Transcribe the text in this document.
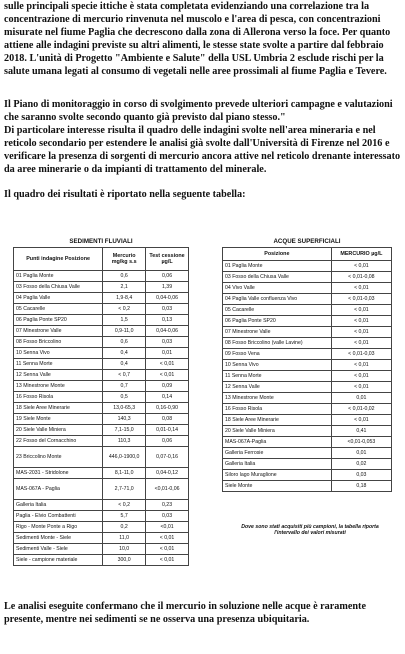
sulle principali specie ittiche è stata completata evidenziando una correlazione tra la concentrazione di mercurio rinvenuta nel muscolo e l'area di pesca, con concentrazioni misurate nel fiume Paglia che decrescono dalla zona di Allerona verso la foce. Per quanto attiene alle indagini previste su altri alimenti, le stesse state svolte a partire dal febbraio 2018. L'unità di Progetto "Ambiente e Salute" della USL Umbria 2 esclude rischi per la salute umana legati al consumo di vegetali nelle aree prossimali al fiume Paglia e Tevere.

Il Piano di monitoraggio in corso di svolgimento prevede ulteriori campagne e valutazioni che saranno svolte secondo quanto già previsto dal piano stesso."

Di particolare interesse risulta il quadro delle indagini svolte nell'area mineraria e nel reticolo secondario per estendere le analisi già svolte dall'Università di Firenze nel 2016 e verificare la presenza di sorgenti di mercurio ancora attive nel reticolo drenante interessato da aree minerarie o da impianti di trattamento del minerale.

Il quadro dei risultati è riportato nella seguente tabella:

SEDIMENTI FLUVIALI		
Punti indagine Posizione	Mercurio mg/kg s.s	Test cessione µg/L
01 Paglia Monte	0,6	0,06
03 Fosso della Chiusa Valle	2,1	1,39
04 Paglia Valle	1,9-8,4	0,04-0,06
05 Cacarelle	< 0,2	0,03
06 Paglia Ponte SP20	1,5	0,13
07 Minestrone Valle	0,9-11,0	0,04-0,06
08 Fosso Briccolino	0,6	0,03
10 Senna Vivo	0,4	0,01
11 Senna Morte	0,4	< 0,01
12 Senna Valle	< 0,7	< 0,01
13 Minestrone Monte	0,7	0,09
16 Fosso Risola	0,5	0,14
18 Siele Aree Minerarie	13,0-65,3	0,16-0,90
19 Siele Monte	140,3	0,08
20 Siele Valle Miniera	7,1-15,0	0,01-0,14
22 Fosso del Cornacchino	110,3	0,06
23 Briccolino Monte	446,0-1900,0	0,07-0,16
MAS-2031 - Stridolone	8,1-11,0	0,04-0,12
MAS-067A - Paglia	2,7-71,0	<0,01-0,06
Galleria Italia	< 0,2	0,23
Paglia - Elvio Combattenti	5,7	0,03
Rigo - Monte Ponte a Rigo	0,2	<0,01
Sedimenti Monte - Siele	11,0	< 0,01
Sedimenti Valle - Siele	10,0	< 0,01
Siele - campione materiale	300,0	< 0,01
ACQUE SUPERFICIALI	
Posizione	MERCURIO µg/L
01 Paglia Monte	< 0,01
03 Fosso della Chiusa Valle	< 0,01-0,08
04 Vivo Valle	< 0,01
04 Paglia Valle confluenza Vivo	< 0,01-0,03
05 Cacarelle	< 0,01
06 Paglia Ponte SP20	< 0,01
07 Minestrone Valle	< 0,01
08 Fosso Briccolino (valle Lavine)	< 0,01
09 Fosso Vena	< 0,01-0,03
10 Senna Vivo	< 0,01
11 Senna Morte	< 0,01
12 Senna Valle	< 0,01
13 Minestrone Monte	0,01
16 Fosso Risola	< 0,01-0,02
18 Siele Aree Minerarie	< 0,01
20 Siele Valle Miniera	0,41
MAS-067A-Paglia	<0,01-0,053
Galleria Ferrosie	0,01
Galleria Italia	0,02
Siloro lago Muraglione	0,03
Siele Monte	0,18
Dove sono stati acquisiti più campioni, la tabella riporta l'intervallo dei valori misurati

Le analisi eseguite confermano che il mercurio in soluzione nelle acque è raramente presente, mentre nei sedimenti se ne osserva una presenza ubiquitaria.
